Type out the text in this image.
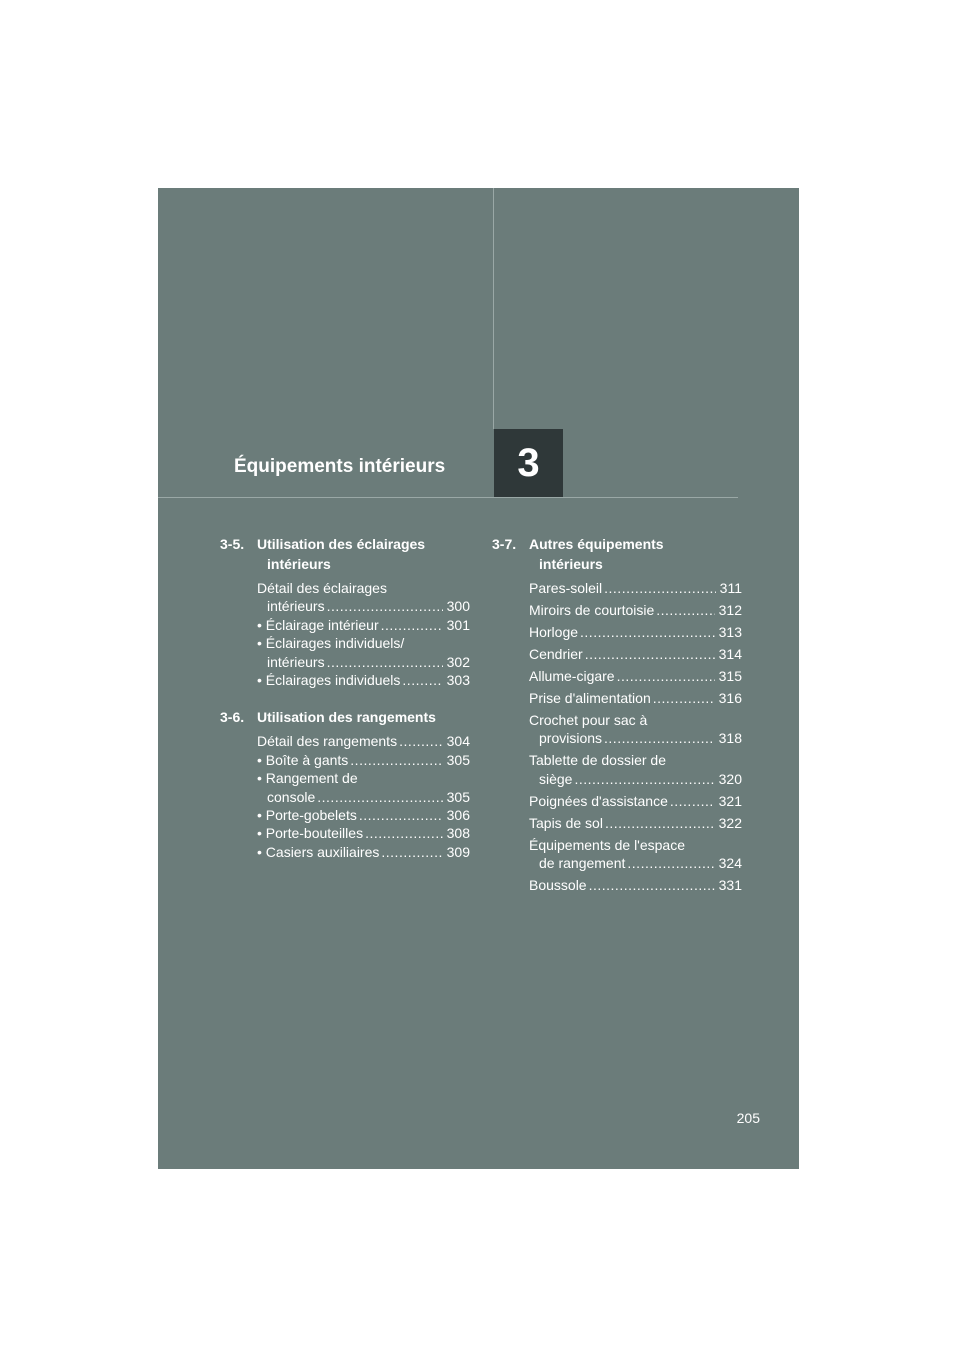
Équipements intérieurs 3
3-5. Utilisation des éclairages
intérieurs
Détail des éclairages
intérieurs .....	300
• Éclairage intérieur .....	301
• Éclairages individuels/
intérieurs .....	302
• Éclairages individuels .....	303
3-6. Utilisation des rangements
Détail des rangements .....	304
• Boîte à gants .....	305
• Rangement de
console .....	305
• Porte-gobelets .....	306
• Porte-bouteilles .....	308
• Casiers auxiliaires .....	309
3-7. Autres équipements
intérieurs
Pares-soleil .....	311
Miroirs de courtoisie .....	312
Horloge .....	313
Cendrier .....	314
Allume-cigare .....	315
Prise d'alimentation .....	316
Crochet pour sac à
provisions .....	318
Tablette de dossier de
siège .....	320
Poignées d'assistance .....	321
Tapis de sol .....	322
Équipements de l'espace
de rangement .....	324
Boussole .....	331
205
